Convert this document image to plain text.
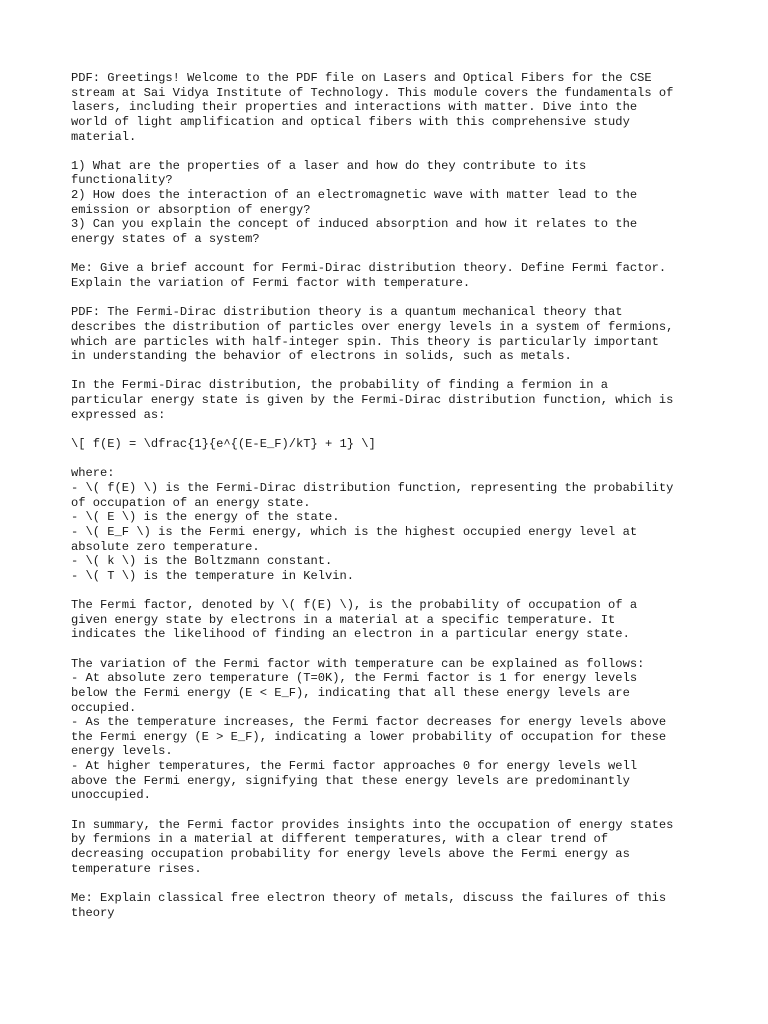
PDF: Greetings! Welcome to the PDF file on Lasers and Optical Fibers for the CSE
stream at Sai Vidya Institute of Technology. This module covers the fundamentals of
lasers, including their properties and interactions with matter. Dive into the
world of light amplification and optical fibers with this comprehensive study
material.
1) What are the properties of a laser and how do they contribute to its
functionality?
2) How does the interaction of an electromagnetic wave with matter lead to the
emission or absorption of energy?
3) Can you explain the concept of induced absorption and how it relates to the
energy states of a system?
Me: Give a brief account for Fermi-Dirac distribution theory. Define Fermi factor.
Explain the variation of Fermi factor with temperature.
PDF: The Fermi-Dirac distribution theory is a quantum mechanical theory that
describes the distribution of particles over energy levels in a system of fermions,
which are particles with half-integer spin. This theory is particularly important
in understanding the behavior of electrons in solids, such as metals.
In the Fermi-Dirac distribution, the probability of finding a fermion in a
particular energy state is given by the Fermi-Dirac distribution function, which is
expressed as:
\[ f(E) = \dfrac{1}{e^{(E-E_F)/kT} + 1} \]
where:
- \( f(E) \) is the Fermi-Dirac distribution function, representing the probability
of occupation of an energy state.
- \( E \) is the energy of the state.
- \( E_F \) is the Fermi energy, which is the highest occupied energy level at
absolute zero temperature.
- \( k \) is the Boltzmann constant.
- \( T \) is the temperature in Kelvin.
The Fermi factor, denoted by \( f(E) \), is the probability of occupation of a
given energy state by electrons in a material at a specific temperature. It
indicates the likelihood of finding an electron in a particular energy state.
The variation of the Fermi factor with temperature can be explained as follows:
- At absolute zero temperature (T=0K), the Fermi factor is 1 for energy levels
below the Fermi energy (E < E_F), indicating that all these energy levels are
occupied.
- As the temperature increases, the Fermi factor decreases for energy levels above
the Fermi energy (E > E_F), indicating a lower probability of occupation for these
energy levels.
- At higher temperatures, the Fermi factor approaches 0 for energy levels well
above the Fermi energy, signifying that these energy levels are predominantly
unoccupied.
In summary, the Fermi factor provides insights into the occupation of energy states
by fermions in a material at different temperatures, with a clear trend of
decreasing occupation probability for energy levels above the Fermi energy as
temperature rises.
Me: Explain classical free electron theory of metals, discuss the failures of this
theory
